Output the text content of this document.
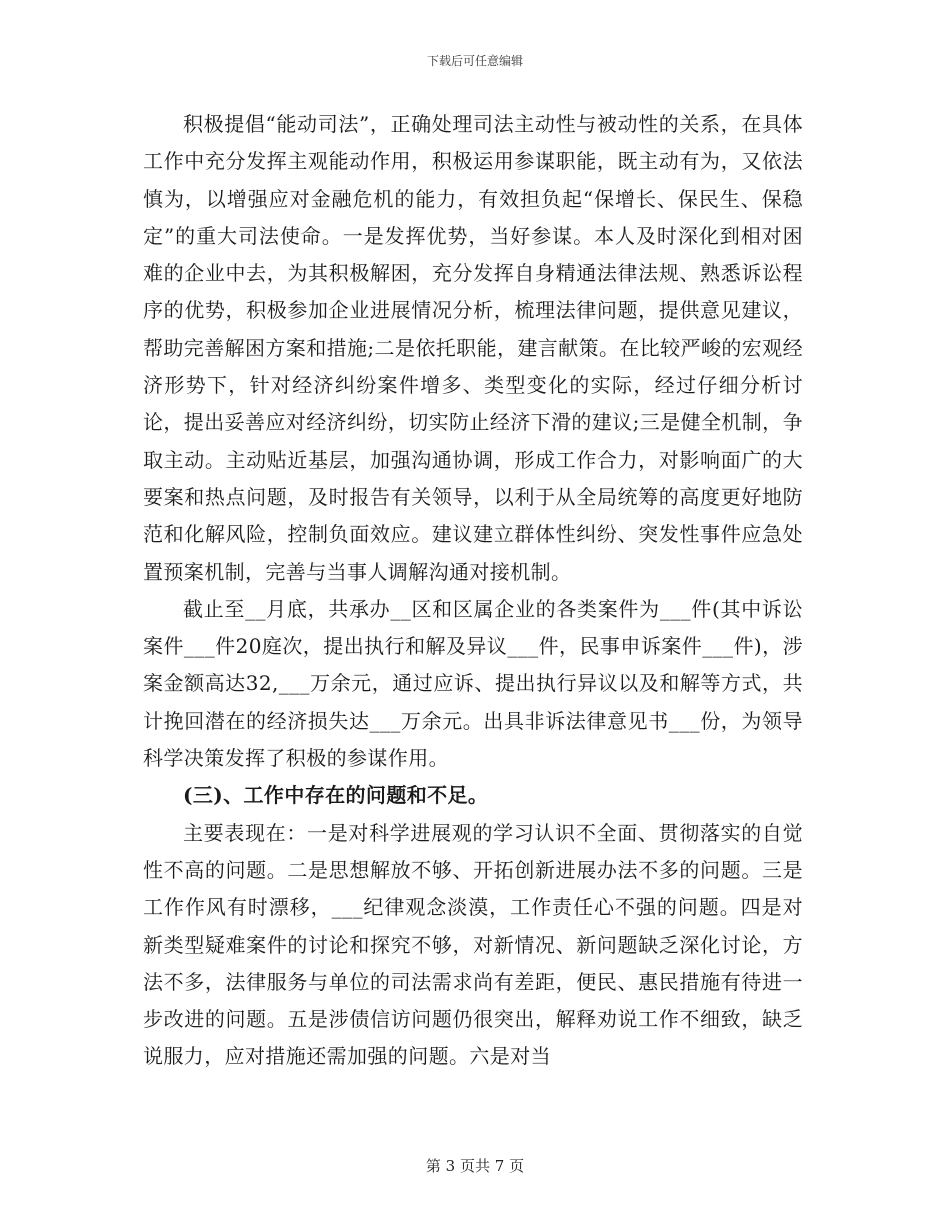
下载后可任意编辑

积极提倡“能动司法”，正确处理司法主动性与被动性的关系，在具体工作中充分发挥主观能动作用，积极运用参谋职能，既主动有为，又依法慎为，以增强应对金融危机的能力，有效担负起“保增长、保民生、保稳定”的重大司法使命。一是发挥优势，当好参谋。本人及时深化到相对困难的企业中去，为其积极解困，充分发挥自身精通法律法规、熟悉诉讼程序的优势，积极参加企业进展情况分析，梳理法律问题，提供意见建议，帮助完善解困方案和措施;二是依托职能，建言献策。在比较严峻的宏观经济形势下，针对经济纠纷案件增多、类型变化的实际，经过仔细分析讨论，提出妥善应对经济纠纷，切实防止经济下滑的建议;三是健全机制，争取主动。主动贴近基层，加强沟通协调，形成工作合力，对影响面广的大要案和热点问题，及时报告有关领导，以利于从全局统筹的高度更好地防范和化解风险，控制负面效应。建议建立群体性纠纷、突发性事件应急处置预案机制，完善与当事人调解沟通对接机制。

截止至__月底，共承办__区和区属企业的各类案件为___件(其中诉讼案件___件20庭次，提出执行和解及异议___件，民事申诉案件___件)，涉案金额高达32,___万余元，通过应诉、提出执行异议以及和解等方式，共计挽回潜在的经济损失达___万余元。出具非诉法律意见书___份，为领导科学决策发挥了积极的参谋作用。

(三)、工作中存在的问题和不足。

主要表现在：一是对科学进展观的学习认识不全面、贯彻落实的自觉性不高的问题。二是思想解放不够、开拓创新进展办法不多的问题。三是工作作风有时漂移，___纪律观念淡漠，工作责任心不强的问题。四是对新类型疑难案件的讨论和探究不够，对新情况、新问题缺乏深化讨论，方法不多，法律服务与单位的司法需求尚有差距，便民、惠民措施有待进一步改进的问题。五是涉债信访问题仍很突出，解释劝说工作不细致，缺乏说服力，应对措施还需加强的问题。六是对当

第 3 页共 7 页
